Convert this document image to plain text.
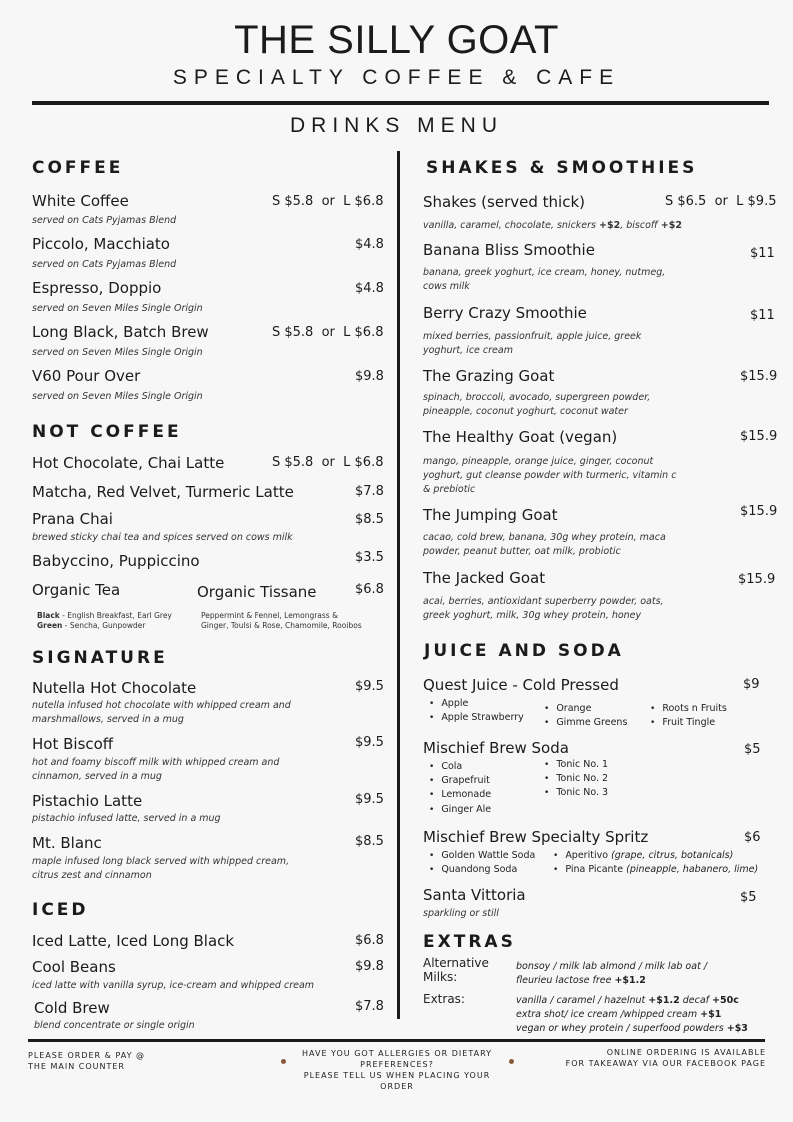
THE SILLY GOAT
SPECIALTY COFFEE & CAFE
DRINKS MENU
COFFEE
White Coffee	S $5.8  or  L $6.8
served on Cats Pyjamas Blend
Piccolo, Macchiato	$4.8
served on Cats Pyjamas Blend
Espresso, Doppio	$4.8
served on Seven Miles Single Origin
Long Black, Batch Brew	S $5.8  or  L $6.8
served on Seven Miles Single Origin
V60 Pour Over	$9.8
served on Seven Miles Single Origin
NOT COFFEE
Hot Chocolate, Chai Latte	S $5.8  or  L $6.8
Matcha, Red Velvet, Turmeric Latte	$7.8
Prana Chai	$8.5
brewed sticky chai tea and spices served on cows milk
Babyccino, Puppiccino	$3.5
Organic Tea	Organic Tissane	$6.8
Black - English Breakfast, Earl Grey
Green - Sencha, Gunpowder
Peppermint & Fennel, Lemongrass &
Ginger, Toulsi & Rose, Chamomile, Rooibos
SIGNATURE
Nutella Hot Chocolate	$9.5
nutella infused hot chocolate with whipped cream and
marshmallows, served in a mug
Hot Biscoff	$9.5
hot and foamy biscoff milk with whipped cream and
cinnamon, served in a mug
Pistachio Latte	$9.5
pistachio infused latte, served in a mug
Mt. Blanc	$8.5
maple infused long black served with whipped cream,
citrus zest and cinnamon
ICED
Iced Latte, Iced Long Black	$6.8
Cool Beans	$9.8
iced latte with vanilla syrup, ice-cream and whipped cream
Cold Brew	$7.8
blend concentrate or single origin
SHAKES & SMOOTHIES
Shakes (served thick)	S $6.5  or  L $9.5
vanilla, caramel, chocolate, snickers +$2, biscoff +$2
Banana Bliss Smoothie	$11
banana, greek yoghurt, ice cream, honey, nutmeg,
cows milk
Berry Crazy Smoothie	$11
mixed berries, passionfruit, apple juice, greek
yoghurt, ice cream
The Grazing Goat	$15.9
spinach, broccoli, avocado, supergreen powder,
pineapple, coconut yoghurt, coconut water
The Healthy Goat (vegan)	$15.9
mango, pineapple, orange juice, ginger, coconut
yoghurt, gut cleanse powder with turmeric, vitamin c
& prebiotic
The Jumping Goat	$15.9
cacao, cold brew, banana, 30g whey protein, maca
powder, peanut butter, oat milk, probiotic
The Jacked Goat	$15.9
acai, berries, antioxidant superberry powder, oats,
greek yoghurt, milk, 30g whey protein, honey
JUICE AND SODA
Quest Juice - Cold Pressed	$9
• Apple
• Apple Strawberry
• Orange
• Gimme Greens
• Roots n Fruits
• Fruit Tingle
Mischief Brew Soda	$5
• Cola
• Grapefruit
• Lemonade
• Ginger Ale
• Tonic No. 1
• Tonic No. 2
• Tonic No. 3
Mischief Brew Specialty Spritz	$6
• Golden Wattle Soda
• Quandong Soda
• Aperitivo (grape, citrus, botanicals)
• Pina Picante (pineapple, habanero, lime)
Santa Vittoria	$5
sparkling or still
EXTRAS
Alternative
Milks:
bonsoy / milk lab almond / milk lab oat /
fleurieu lactose free +$1.2
Extras:	vanilla / caramel / hazelnut +$1.2 decaf +50c
extra shot/ ice cream /whipped cream +$1
vegan or whey protein / superfood powders +$3
PLEASE ORDER & PAY @
THE MAIN COUNTER
HAVE YOU GOT ALLERGIES OR DIETARY
PREFERENCES?
PLEASE TELL US WHEN PLACING YOUR
ORDER
ONLINE ORDERING IS AVAILABLE
FOR TAKEAWAY VIA OUR FACEBOOK PAGE
